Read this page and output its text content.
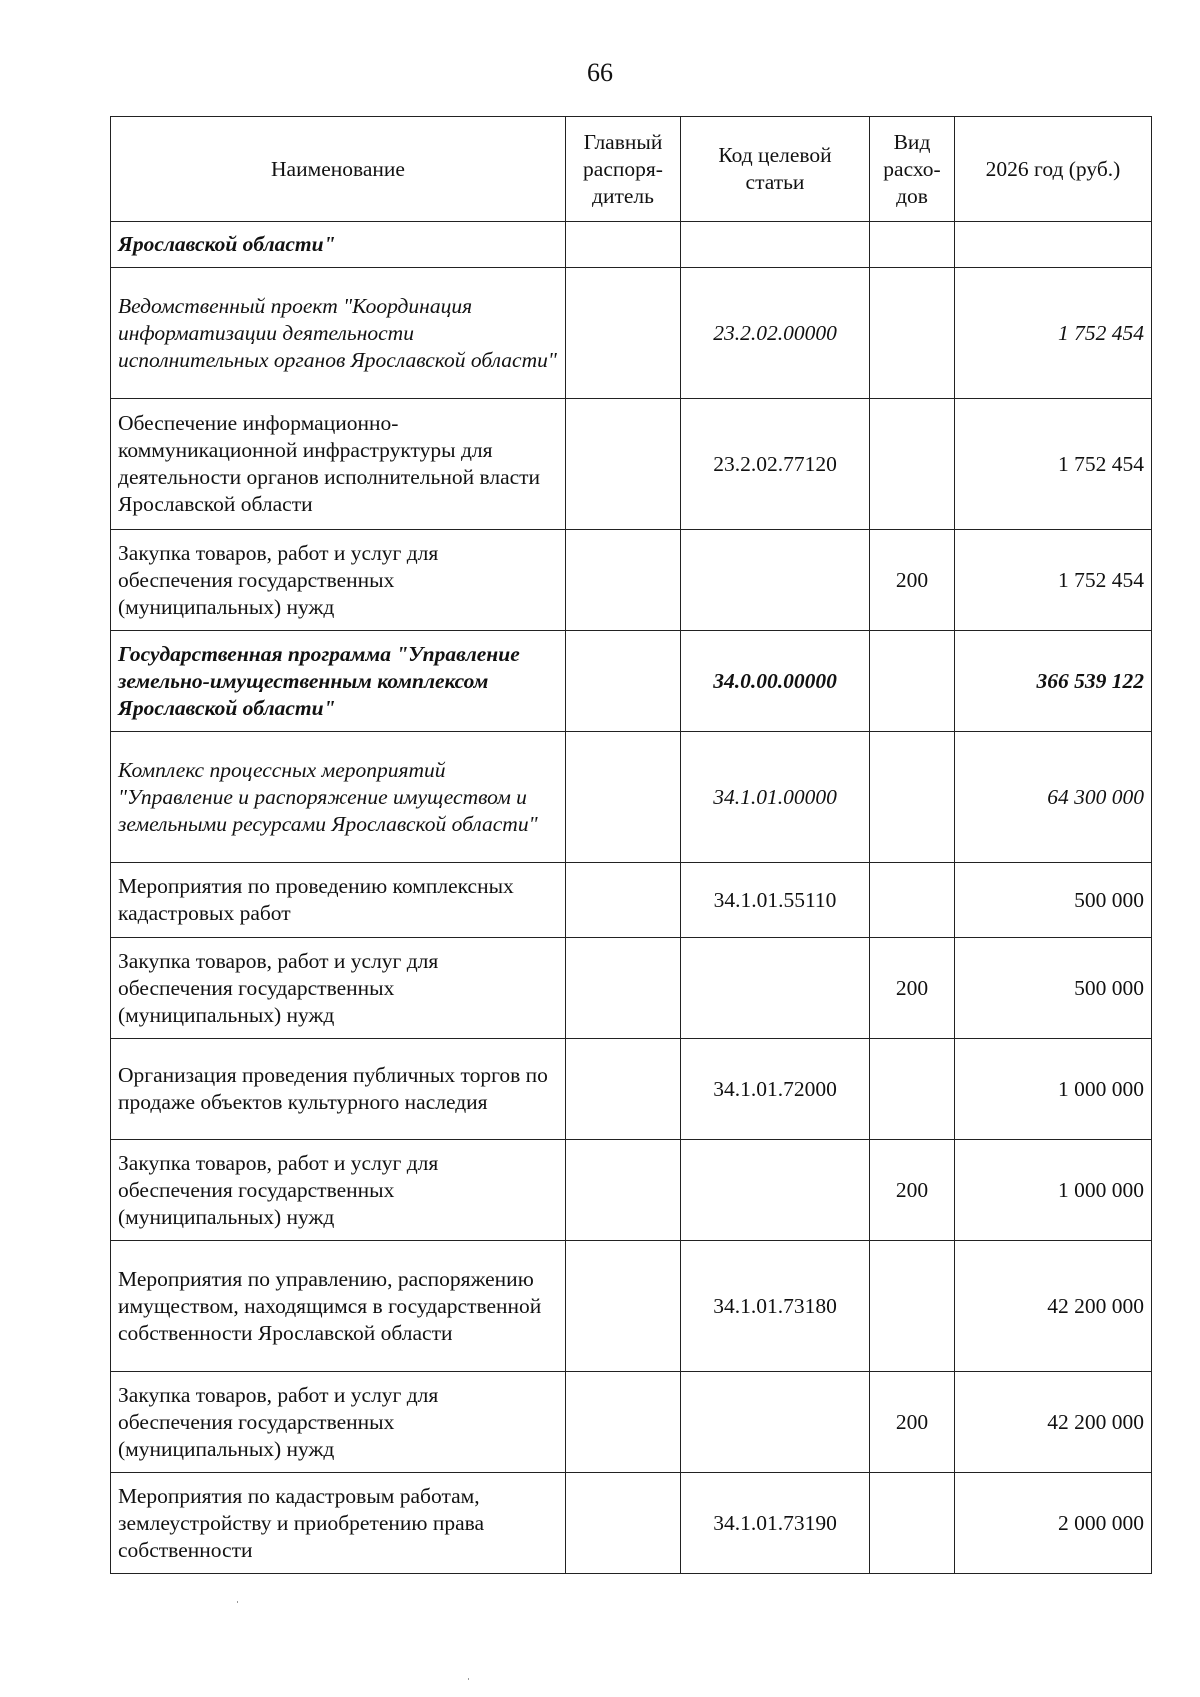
66
Наименование	Главный распоря-дитель	Код целевой статьи	Вид расхо-дов	2026 год (руб.)
Ярославской области"				
Ведомственный проект "Координация информатизации деятельности исполнительных органов Ярославской области"		23.2.02.00000		1 752 454
Обеспечение информационно-коммуникационной инфраструктуры для деятельности органов исполнительной власти Ярославской области		23.2.02.77120		1 752 454
Закупка товаров, работ и услуг для обеспечения государственных (муниципальных) нужд			200	1 752 454
Государственная программа "Управление земельно-имущественным комплексом Ярославской области"		34.0.00.00000		366 539 122
Комплекс процессных мероприятий "Управление и распоряжение имуществом и земельными ресурсами Ярославской области"		34.1.01.00000		64 300 000
Мероприятия по проведению комплексных кадастровых работ		34.1.01.55110		500 000
Закупка товаров, работ и услуг для обеспечения государственных (муниципальных) нужд			200	500 000
Организация проведения публичных торгов по продаже объектов культурного наследия		34.1.01.72000		1 000 000
Закупка товаров, работ и услуг для обеспечения государственных (муниципальных) нужд			200	1 000 000
Мероприятия по управлению, распоряжению имуществом, находящимся в государственной собственности Ярославской области		34.1.01.73180		42 200 000
Закупка товаров, работ и услуг для обеспечения государственных (муниципальных) нужд			200	42 200 000
Мероприятия по кадастровым работам, землеустройству и приобретению права собственности		34.1.01.73190		2 000 000
